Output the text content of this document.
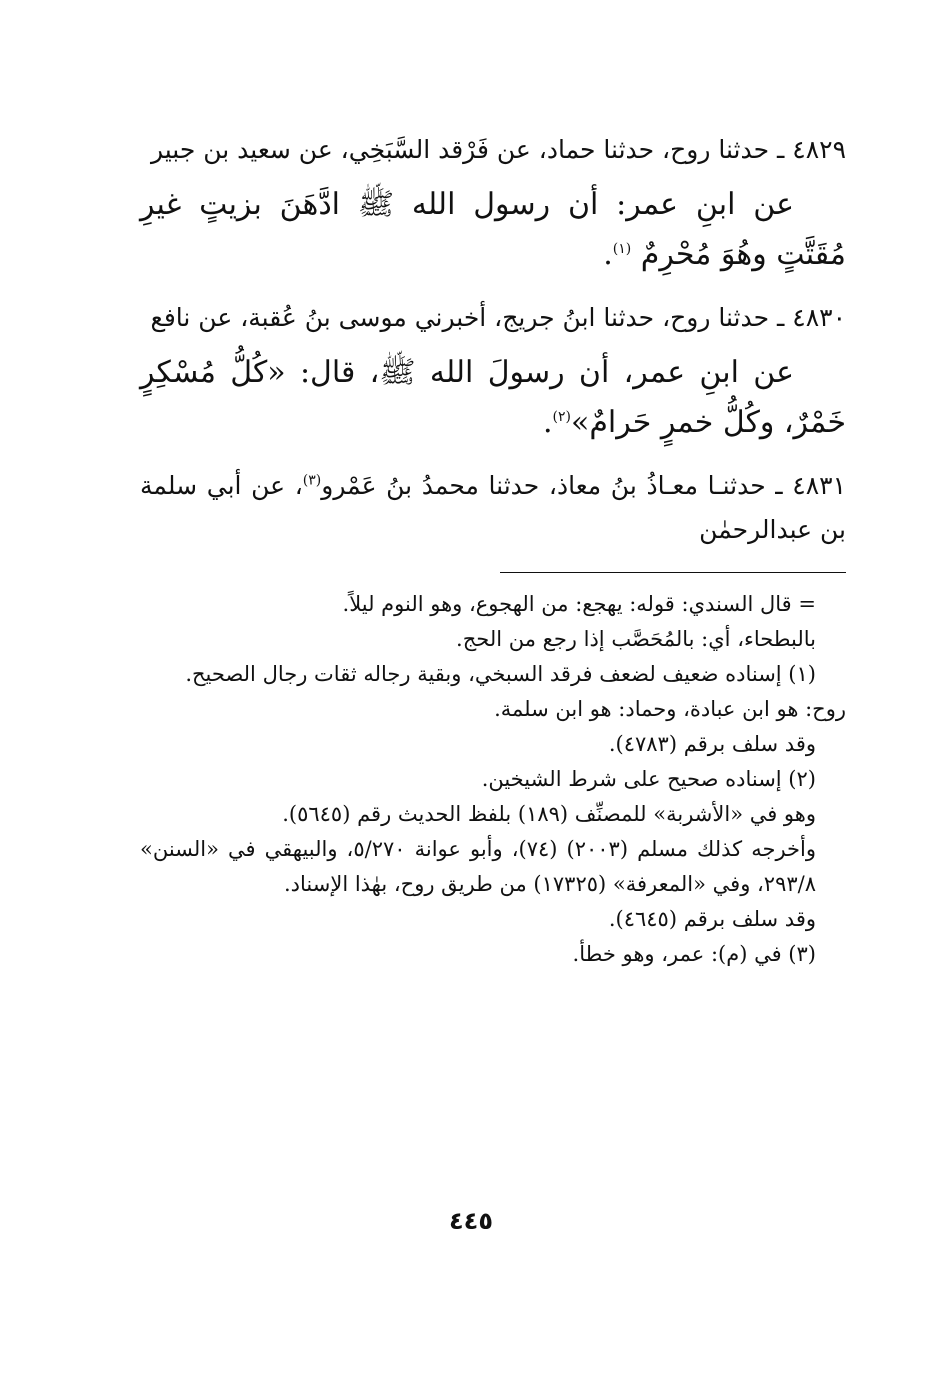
٤٨٢٩ ـ حدثنا روح، حدثنا حماد، عن فَرْقد السَّبَخِي، عن سعيد بن جبير

عن ابنِ عمر: أن رسول الله ﷺ ادَّهَنَ بزيتٍ غيرِ مُقَتَّتٍ وهُوَ مُحْرِمٌ $^{(١)}$.

٤٨٣٠ ـ حدثنا روح، حدثنا ابنُ جريج، أخبرني موسى بنُ عُقبة، عن نافع

عن ابنِ عمر، أن رسولَ الله ﷺ، قال: «كُلُّ مُسْكِرٍ خَمْرٌ، وكُلُّ خمرٍ حَرامٌ»$^{(٢)}$.

٤٨٣١ ـ حدثنـا معـاذُ بنُ معاذ، حدثنا محمدُ بنُ عَمْرو$^{(٣)}$، عن أبي سلمة بن عبدالرحمٰن

= قال السندي: قوله: يهجع: من الهجوع، وهو النوم ليلاً.

بالبطحاء، أي: بالمُحَصَّب إذا رجع من الحج.

(١) إسناده ضعيف لضعف فرقد السبخي، وبقية رجاله ثقات رجال الصحيح.

روح: هو ابن عبادة، وحماد: هو ابن سلمة.

وقد سلف برقم (٤٧٨٣).

(٢) إسناده صحيح على شرط الشيخين.

وهو في «الأشربة» للمصنِّف (١٨٩) بلفظ الحديث رقم (٥٦٤٥).

وأخرجه كذلك مسلم (٢٠٠٣) (٧٤)، وأبو عوانة ٥/٢٧٠، والبيهقي في «السنن» ٢٩٣/٨، وفي «المعرفة» (١٧٣٢٥) من طريق روح، بهٰذا الإسناد.

وقد سلف برقم (٤٦٤٥).

(٣) في (م): عمر، وهو خطأ.

٤٤٥
